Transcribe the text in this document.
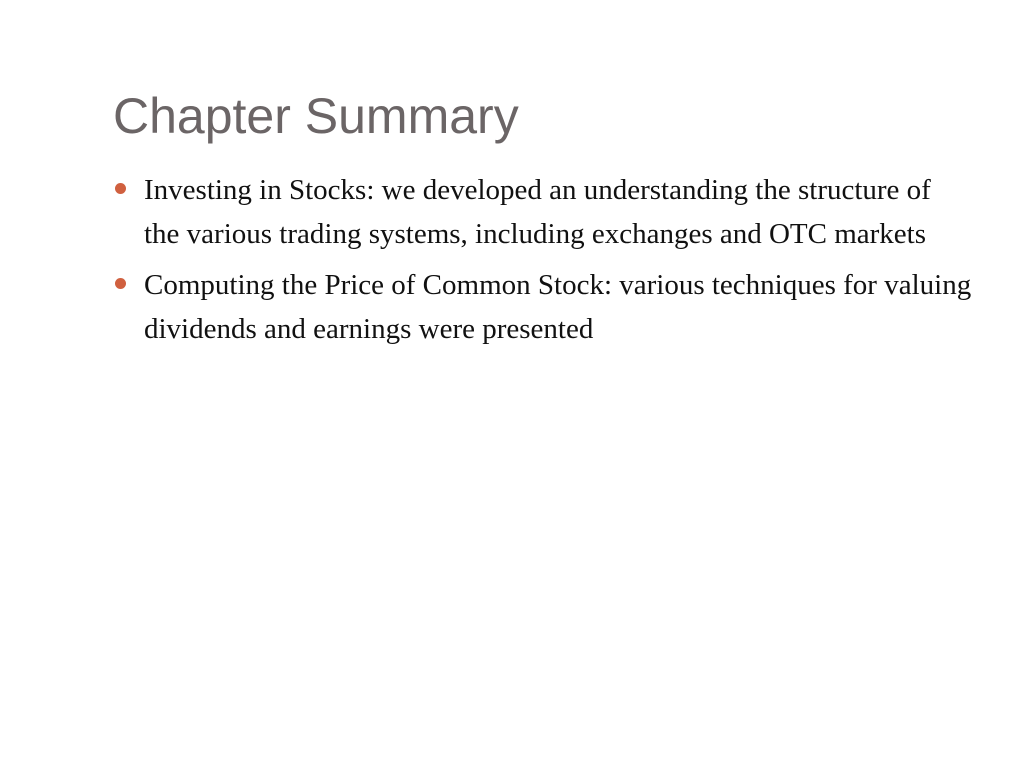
Chapter Summary
Investing in Stocks: we developed an understanding the structure of the various trading systems, including exchanges and OTC markets
Computing the Price of Common Stock: various techniques for valuing dividends and earnings were presented
